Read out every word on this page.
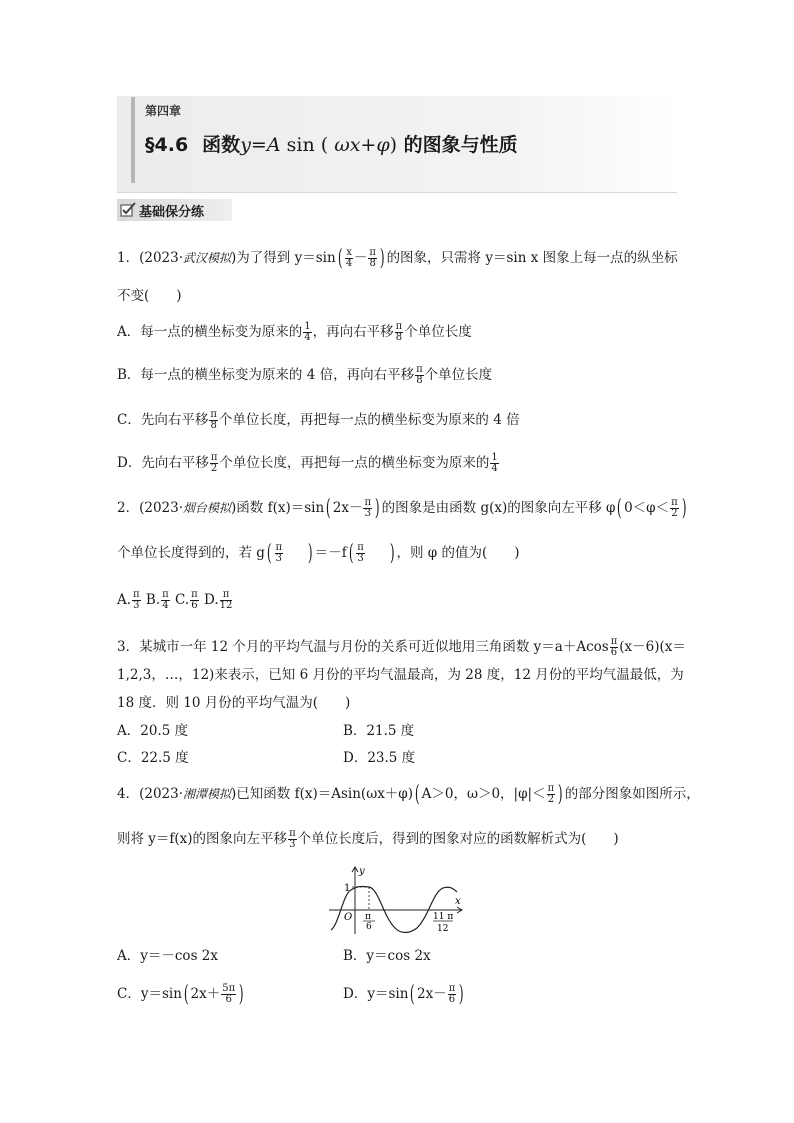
第四章
§4.6 函数y=A sin ( ωx+φ) 的图象与性质
基础保分练
1．(2023·武汉模拟)为了得到 $y=\sin( \frac{x}{4} - \frac{\pi}{8}$ ) 的图象，只需将 y＝sin x 图象上每一点的纵坐标
不变(　　)
A．每一点的横坐标变为原来的 $\frac{1}{4}$ ，再向右平移 $\frac{\pi}{8}$ 个单位长度
B．每一点的横坐标变为原来的 4 倍，再向右平移 $\frac{\pi}{8}$ 个单位长度
C．先向右平移 $\frac{\pi}{8}$ 个单位长度，再把每一点的横坐标变为原来的 4 倍
D．先向右平移 $\frac{\pi}{2}$ 个单位长度，再把每一点的横坐标变为原来的 $\frac{1}{4}$
2．(2023·烟台模拟)函数 f(x)＝sin( $2x- \frac{\pi}{3}$ ) 的图象是由函数 g(x)的图象向左平移 φ( $0<\varphi< \frac{\pi}{2}$ )
个单位长度得到的，若 $g( \frac{\pi}{3}$ ) $=-f( \frac{\pi}{3}$ ) ，则 φ 的值为(　　)
A. $\frac{\pi}{3} B$. $\frac{\pi}{4} C$. $\frac{\pi}{6} D$. $\frac{\pi}{12}$
3．某城市一年 12 个月的平均气温与月份的关系可近似地用三角函数 $y=a+Acos \frac{\pi}{6} (x-6)(x=$
1,2,3，…，12)来表示，已知 6 月份的平均气温最高，为 28 度，12 月份的平均气温最低，为
18 度．则 10 月份的平均气温为(　　)
A．20.5 度	B．21.5 度
C．22.5 度	D．23.5 度
4．(2023·湘潭模拟)已知函数 f(x)＝Asin(ωx＋φ)( A＞0，ω＞0，$|\varphi|< \frac{\pi}{2}$ ) 的部分图象如图所示，
则将 y＝f(x)的图象向左平移 $\frac{\pi}{3}$ 个单位长度后，得到的图象对应的函数解析式为(　　)
y
x
1
O π
6
11 π
12
A．y＝－cos 2x	B．y＝cos 2x
C．y＝sin( $2x+ \frac{5\pi}{6}$ )	D．y＝sin( $2x- \frac{\pi}{6}$ )
